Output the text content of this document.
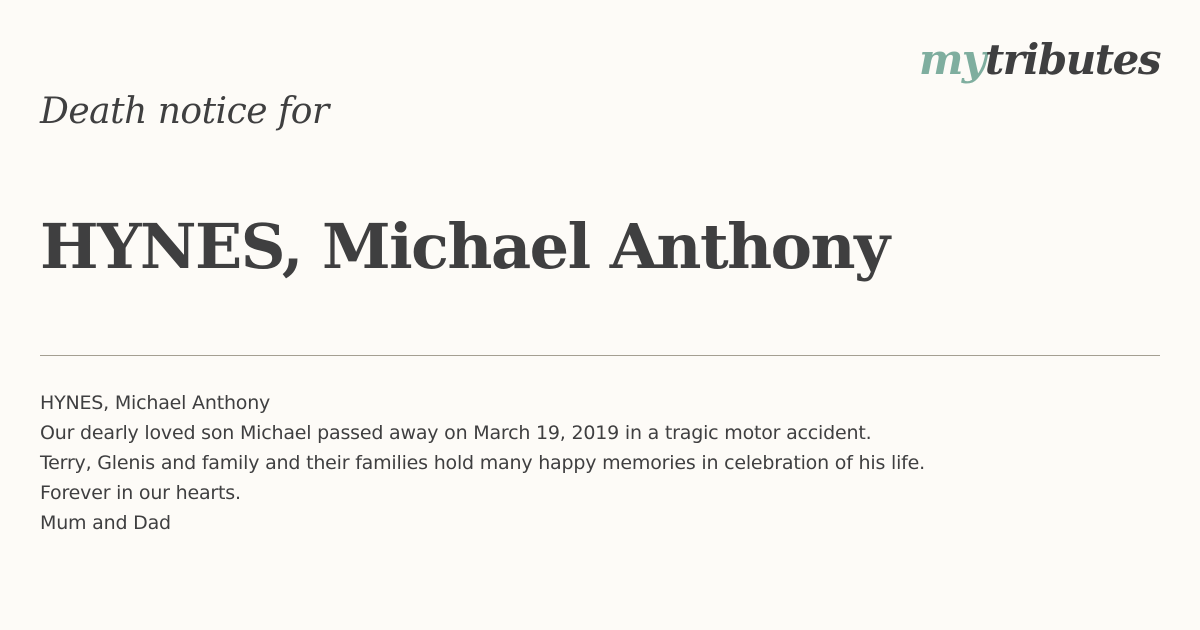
mytributes
Death notice for
HYNES, Michael Anthony
HYNES, Michael Anthony
Our dearly loved son Michael passed away on March 19, 2019 in a tragic motor accident.
Terry, Glenis and family and their families hold many happy memories in celebration of his life.
Forever in our hearts.
Mum and Dad
